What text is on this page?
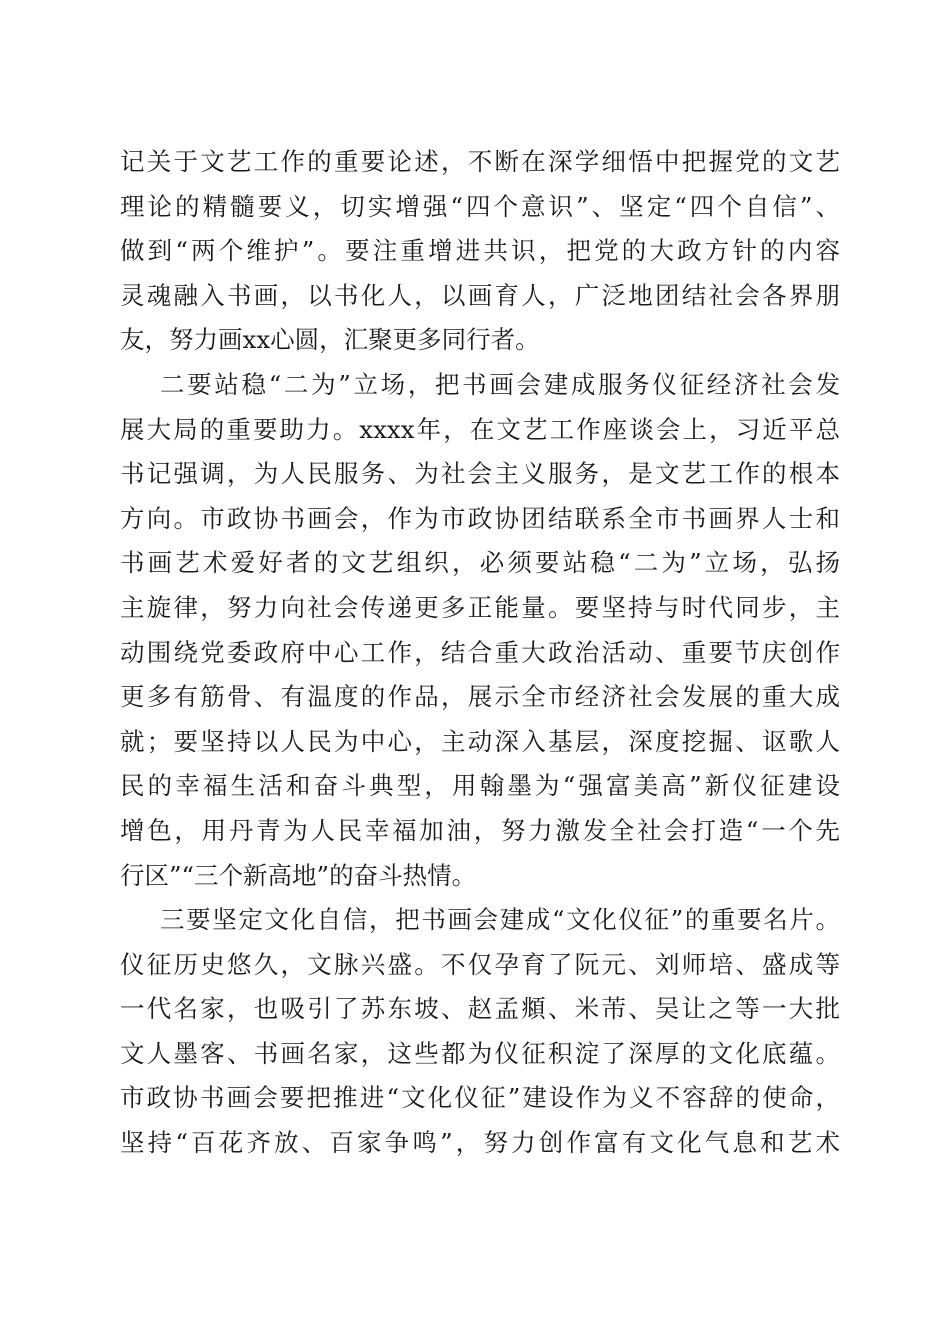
记关于文艺工作的重要论述，不断在深学细悟中把握党的文艺
理论的精髓要义，切实增强“四个意识”、坚定“四个自信”、
做到“两个维护”。要注重增进共识，把党的大政方针的内容
灵魂融入书画，以书化人，以画育人，广泛地团结社会各界朋
友，努力画xx心圆，汇聚更多同行者。
二要站稳“二为”立场，把书画会建成服务仪征经济社会发
展大局的重要助力。xxxx年，在文艺工作座谈会上，习近平总
书记强调，为人民服务、为社会主义服务，是文艺工作的根本
方向。市政协书画会，作为市政协团结联系全市书画界人士和
书画艺术爱好者的文艺组织，必须要站稳“二为”立场，弘扬
主旋律，努力向社会传递更多正能量。要坚持与时代同步，主
动围绕党委政府中心工作，结合重大政治活动、重要节庆创作
更多有筋骨、有温度的作品，展示全市经济社会发展的重大成
就；要坚持以人民为中心，主动深入基层，深度挖掘、讴歌人
民的幸福生活和奋斗典型，用翰墨为“强富美高”新仪征建设
增色，用丹青为人民幸福加油，努力激发全社会打造“一个先
行区”“三个新高地”的奋斗热情。
三要坚定文化自信，把书画会建成“文化仪征”的重要名片。
仪征历史悠久，文脉兴盛。不仅孕育了阮元、刘师培、盛成等
一代名家，也吸引了苏东坡、赵孟頫、米芾、吴让之等一大批
文人墨客、书画名家，这些都为仪征积淀了深厚的文化底蕴。
市政协书画会要把推进“文化仪征”建设作为义不容辞的使命，
坚持“百花齐放、百家争鸣”，努力创作富有文化气息和艺术
